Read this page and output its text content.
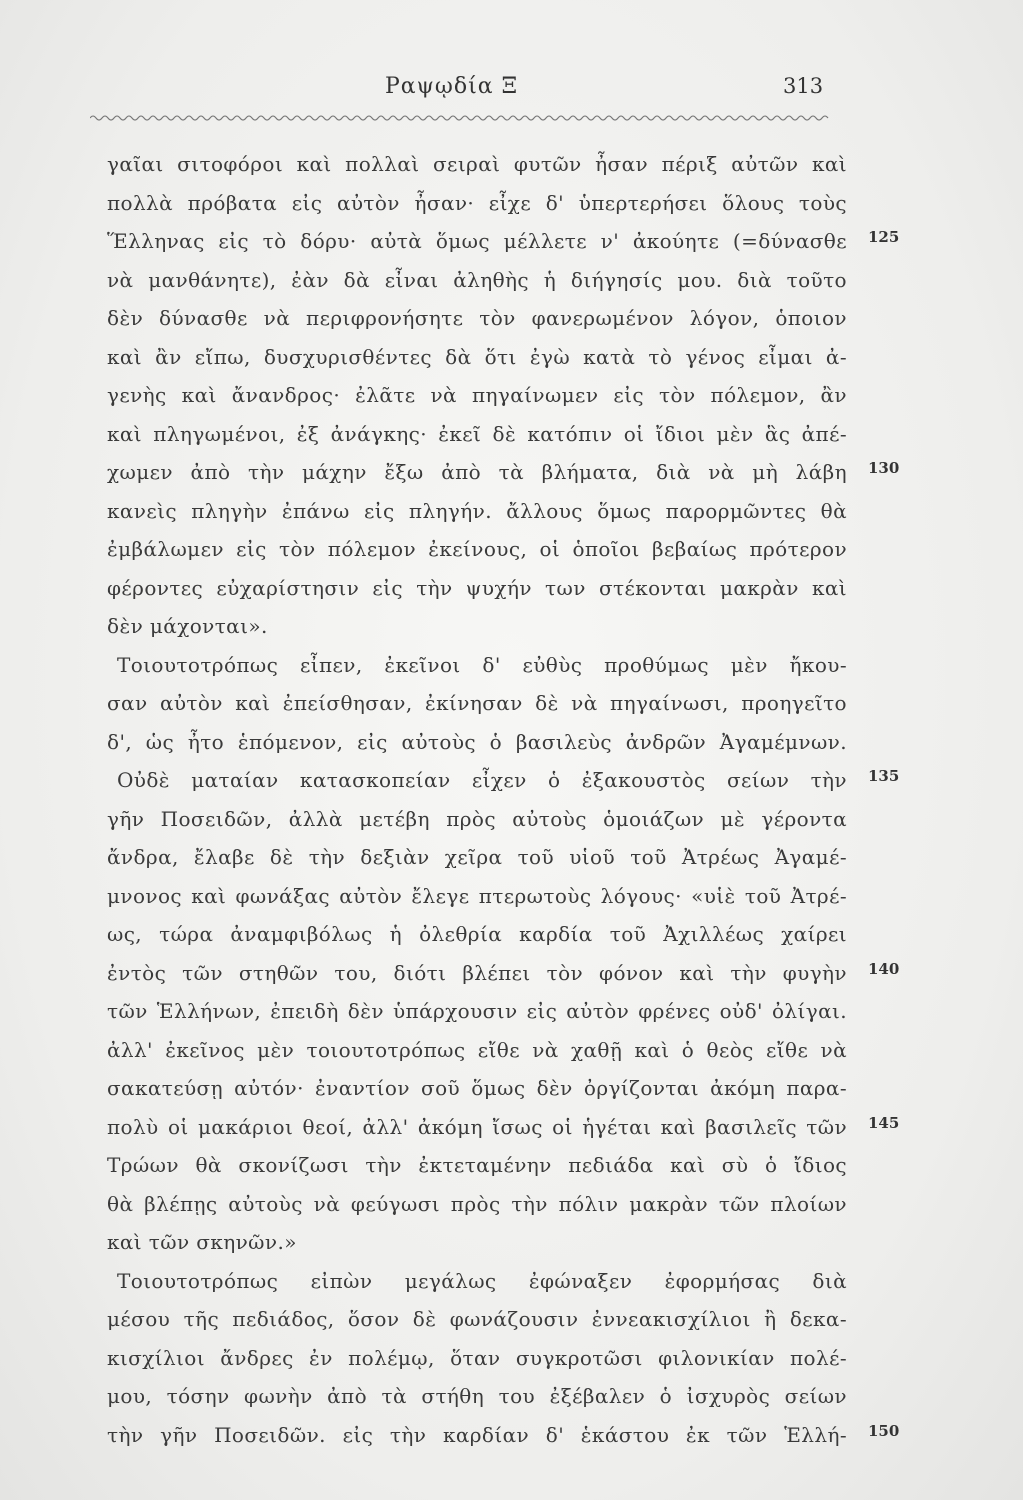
Ραψῳδία Ξ	313
γαῖαι σιτοφόροι καὶ πολλαὶ σειραὶ φυτῶν ἦσαν πέριξ αὐτῶν καὶ
πολλὰ πρόβατα εἰς αὐτὸν ἦσαν· εἶχε δ' ὑπερτερήσει ὅλους τοὺς
Ἕλληνας εἰς τὸ δόρυ· αὐτὰ ὅμως μέλλετε ν' ἀκούητε (=δύνασθε
νὰ μανθάνητε), ἐὰν δὰ εἶναι ἀληθὴς ἡ διήγησίς μου. διὰ τοῦτο
δὲν δύνασθε νὰ περιφρονήσητε τὸν φανερωμένον λόγον, ὁποιον
καὶ ἂν εἴπω, δυσχυρισθέντες δὰ ὅτι ἐγὼ κατὰ τὸ γένος εἶμαι ἀ-
γενὴς καὶ ἄνανδρος· ἐλᾶτε νὰ πηγαίνωμεν εἰς τὸν πόλεμον, ἂν
καὶ πληγωμένοι, ἐξ ἀνάγκης· ἐκεῖ δὲ κατόπιν οἱ ἴδιοι μὲν ἃς ἀπέ-
χωμεν ἀπὸ τὴν μάχην ἔξω ἀπὸ τὰ βλήματα, διὰ νὰ μὴ λάβη
κανεὶς πληγὴν ἐπάνω εἰς πληγήν. ἄλλους ὅμως παρορμῶντες θὰ
ἐμβάλωμεν εἰς τὸν πόλεμον ἐκείνους, οἱ ὁποῖοι βεβαίως πρότερον
φέροντες εὐχαρίστησιν εἰς τὴν ψυχήν των στέκονται μακρὰν καὶ
δὲν μάχονται».
Τοιουτοτρόπως εἶπεν, ἐκεῖνοι δ' εὐθὺς προθύμως μὲν ἤκου-
σαν αὐτὸν καὶ ἐπείσθησαν, ἐκίνησαν δὲ νὰ πηγαίνωσι, προηγεῖτο
δ', ὡς ἦτο ἑπόμενον, εἰς αὐτοὺς ὁ βασιλεὺς ἀνδρῶν Ἀγαμέμνων.
Οὐδὲ ματαίαν κατασκοπείαν εἶχεν ὁ ἐξακουστὸς σείων τὴν
γῆν Ποσειδῶν, ἀλλὰ μετέβη πρὸς αὐτοὺς ὁμοιάζων μὲ γέροντα
ἄνδρα, ἔλαβε δὲ τὴν δεξιὰν χεῖρα τοῦ υἱοῦ τοῦ Ἀτρέως Ἀγαμέ-
μνονος καὶ φωνάξας αὐτὸν ἔλεγε πτερωτοὺς λόγους· «υἱὲ τοῦ Ἀτρέ-
ως, τώρα ἀναμφιβόλως ἡ ὀλεθρία καρδία τοῦ Ἀχιλλέως χαίρει
ἐντὸς τῶν στηθῶν του, διότι βλέπει τὸν φόνον καὶ τὴν φυγὴν
τῶν Ἑλλήνων, ἐπειδὴ δὲν ὑπάρχουσιν εἰς αὐτὸν φρένες οὐδ' ὀλίγαι.
ἀλλ' ἐκεῖνος μὲν τοιουτοτρόπως εἴθε νὰ χαθῇ καὶ ὁ θεὸς εἴθε νὰ
σακατεύσῃ αὐτόν· ἐναντίον σοῦ ὅμως δὲν ὀργίζονται ἀκόμη παρα-
πολὺ οἱ μακάριοι θεοί, ἀλλ' ἀκόμη ἴσως οἱ ἡγέται καὶ βασιλεῖς τῶν
Τρώων θὰ σκονίζωσι τὴν ἐκτεταμένην πεδιάδα καὶ σὺ ὁ ἴδιος
θὰ βλέπῃς αὐτοὺς νὰ φεύγωσι πρὸς τὴν πόλιν μακρὰν τῶν πλοίων
καὶ τῶν σκηνῶν.»
Τοιουτοτρόπως εἰπὼν μεγάλως ἐφώναξεν ἐφορμήσας διὰ
μέσου τῆς πεδιάδος, ὅσον δὲ φωνάζουσιν ἐννεακισχίλιοι ἢ δεκα-
κισχίλιοι ἄνδρες ἐν πολέμῳ, ὅταν συγκροτῶσι φιλονικίαν πολέ-
μου, τόσην φωνὴν ἀπὸ τὰ στήθη του ἐξέβαλεν ὁ ἰσχυρὸς σείων
τὴν γῆν Ποσειδῶν. εἰς τὴν καρδίαν δ' ἑκάστου ἐκ τῶν Ἑλλή-
125
130
135
140
145
150
